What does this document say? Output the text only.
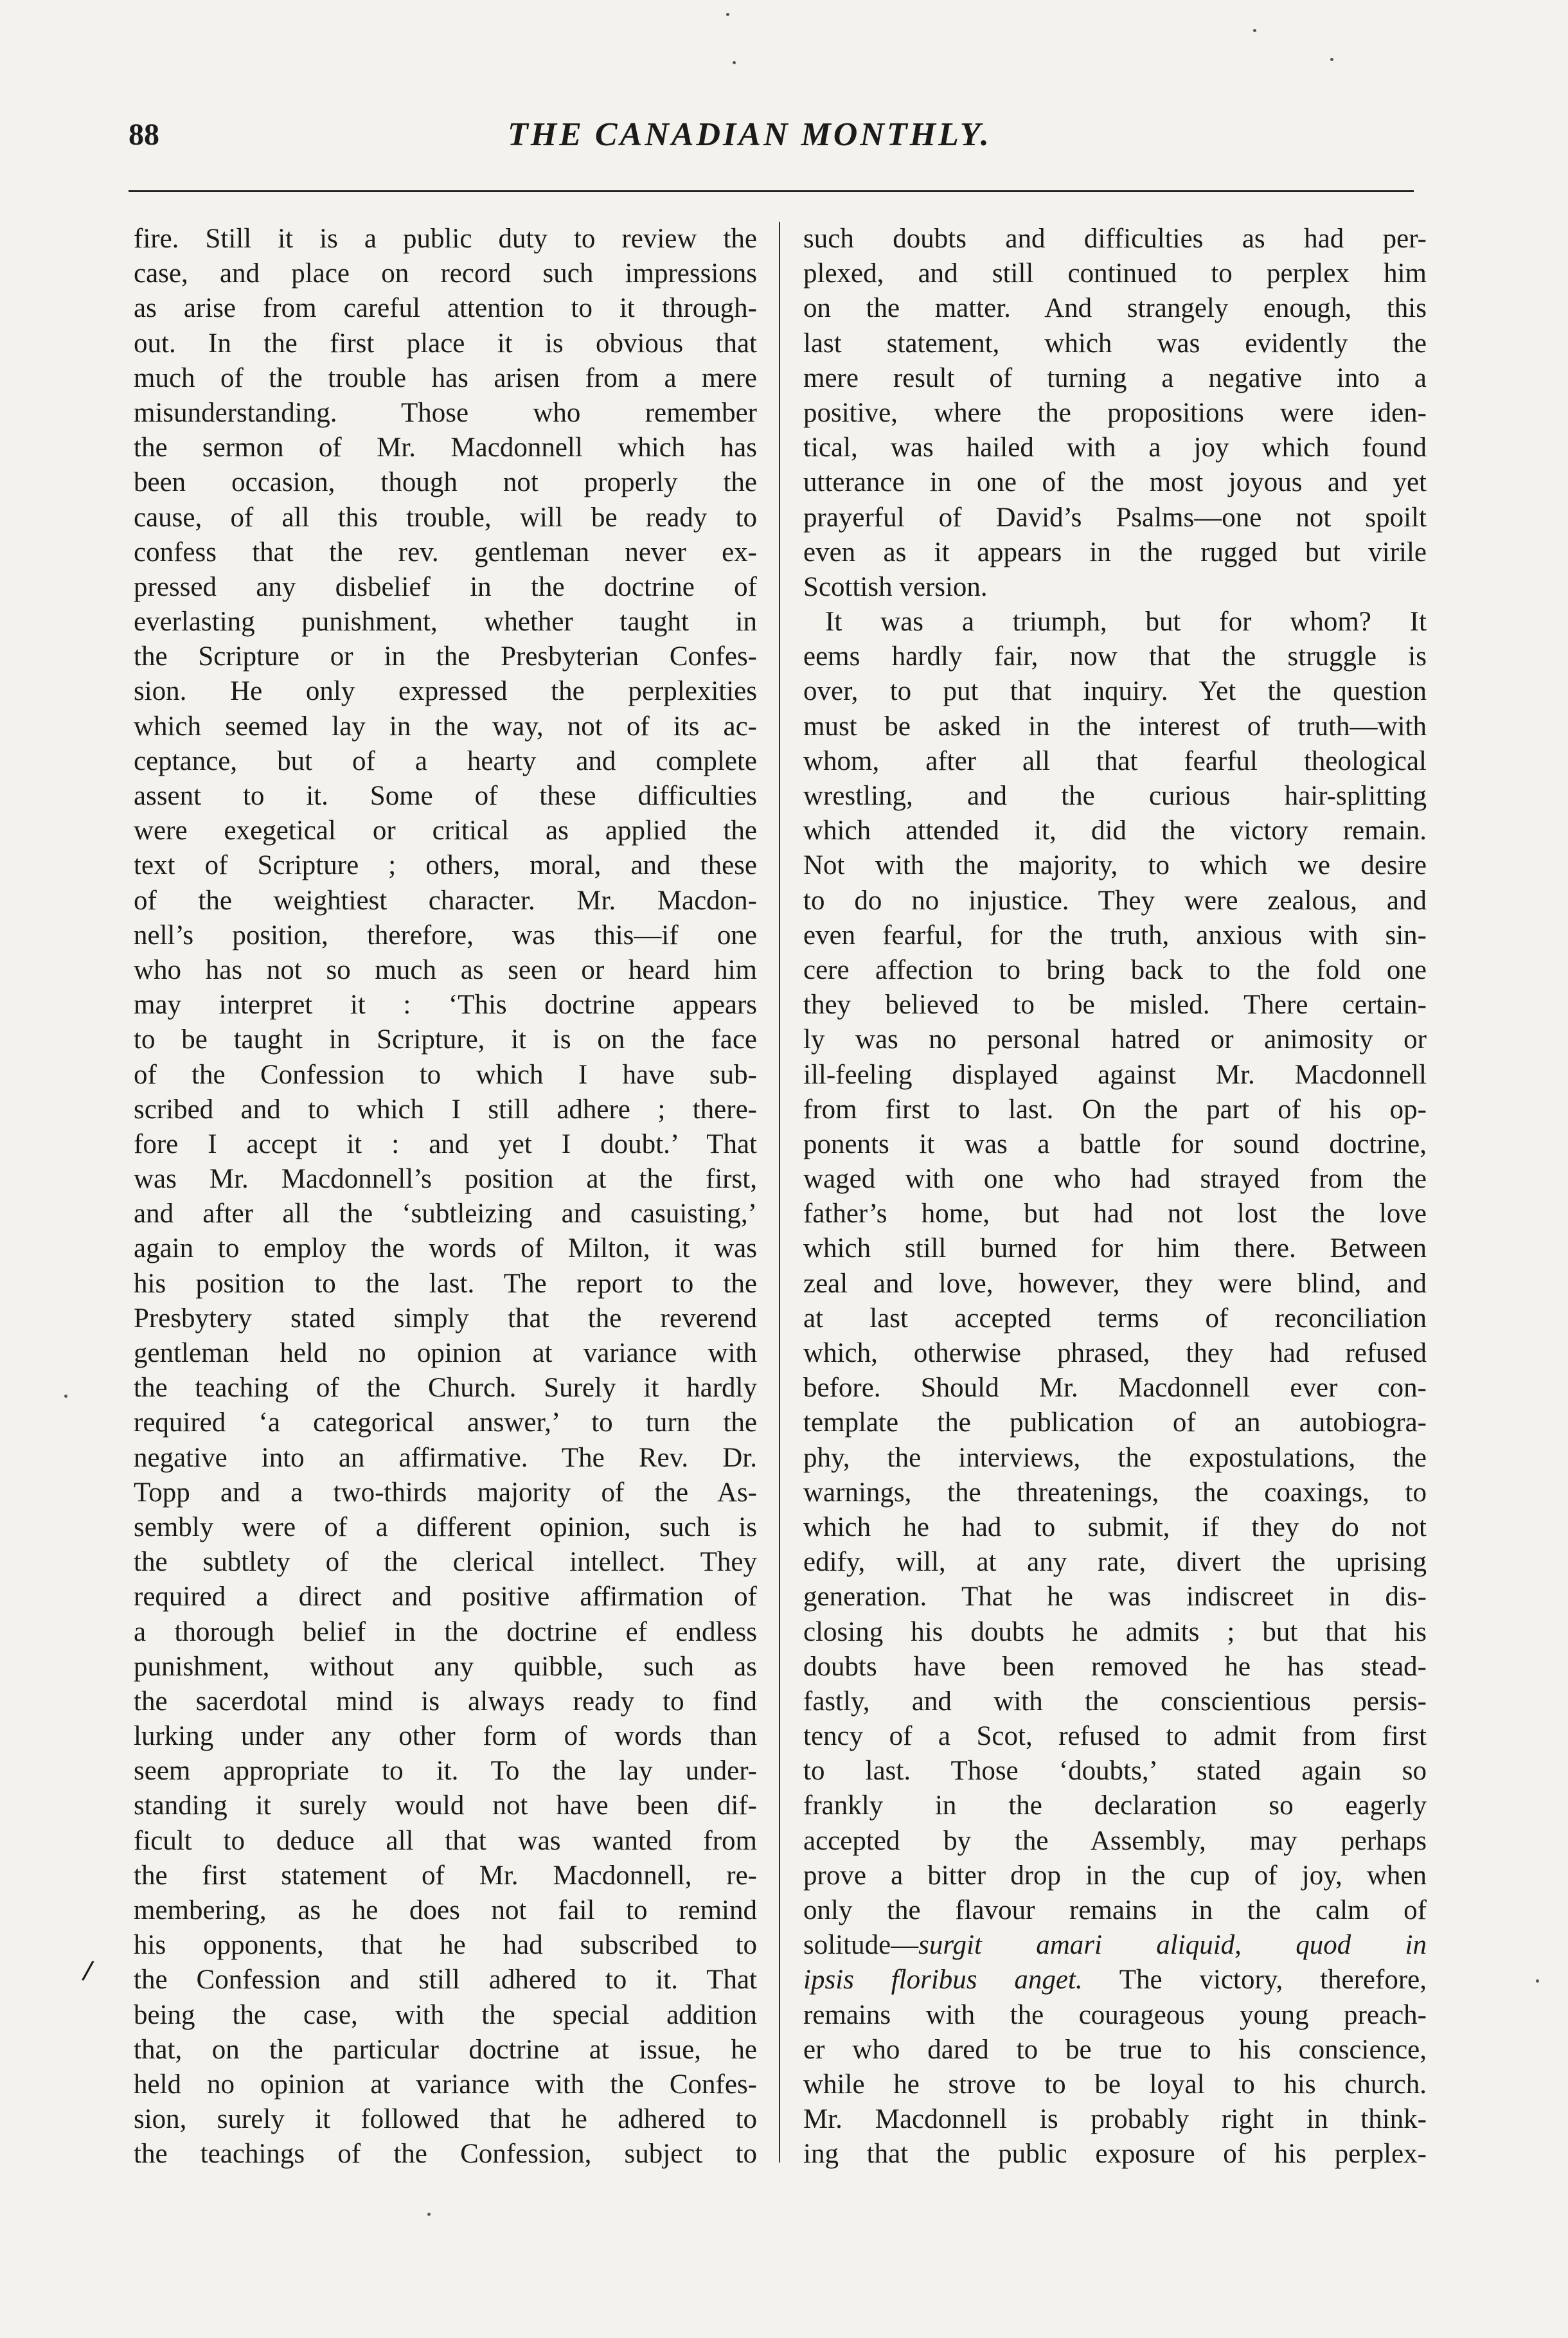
88	THE CANADIAN MONTHLY.
fire. Still it is a public duty to review the
case, and place on record such impressions
as arise from careful attention to it through-
out. In the first place it is obvious that
much of the trouble has arisen from a mere
misunderstanding. Those who remember
the sermon of Mr. Macdonnell which has
been occasion, though not properly the
cause, of all this trouble, will be ready to
confess that the rev. gentleman never ex-
pressed any disbelief in the doctrine of
everlasting punishment, whether taught in
the Scripture or in the Presbyterian Confes-
sion. He only expressed the perplexities
which seemed lay in the way, not of its ac-
ceptance, but of a hearty and complete
assent to it. Some of these difficulties
were exegetical or critical as applied the
text of Scripture ; others, moral, and these
of the weightiest character. Mr. Macdon-
nell’s position, therefore, was this—if one
who has not so much as seen or heard him
may interpret it : ‘This doctrine appears
to be taught in Scripture, it is on the face
of the Confession to which I have sub-
scribed and to which I still adhere ; there-
fore I accept it : and yet I doubt.’ That
was Mr. Macdonnell’s position at the first,
and after all the ‘subtleizing and casuisting,’
again to employ the words of Milton, it was
his position to the last. The report to the
Presbytery stated simply that the reverend
gentleman held no opinion at variance with
the teaching of the Church. Surely it hardly
required ‘a categorical answer,’ to turn the
negative into an affirmative. The Rev. Dr.
Topp and a two-thirds majority of the As-
sembly were of a different opinion, such is
the subtlety of the clerical intellect. They
required a direct and positive affirmation of
a thorough belief in the doctrine ef endless
punishment, without any quibble, such as
the sacerdotal mind is always ready to find
lurking under any other form of words than
seem appropriate to it. To the lay under-
standing it surely would not have been dif-
ficult to deduce all that was wanted from
the first statement of Mr. Macdonnell, re-
membering, as he does not fail to remind
his opponents, that he had subscribed to
the Confession and still adhered to it. That
being the case, with the special addition
that, on the particular doctrine at issue, he
held no opinion at variance with the Confes-
sion, surely it followed that he adhered to
the teachings of the Confession, subject to
such doubts and difficulties as had per-
plexed, and still continued to perplex him
on the matter. And strangely enough, this
last statement, which was evidently the
mere result of turning a negative into a
positive, where the propositions were iden-
tical, was hailed with a joy which found
utterance in one of the most joyous and yet
prayerful of David’s Psalms—one not spoilt
even as it appears in the rugged but virile
Scottish version.
It was a triumph, but for whom? It
eems hardly fair, now that the struggle is
over, to put that inquiry. Yet the question
must be asked in the interest of truth—with
whom, after all that fearful theological
wrestling, and the curious hair-splitting
which attended it, did the victory remain.
Not with the majority, to which we desire
to do no injustice. They were zealous, and
even fearful, for the truth, anxious with sin-
cere affection to bring back to the fold one
they believed to be misled. There certain-
ly was no personal hatred or animosity or
ill-feeling displayed against Mr. Macdonnell
from first to last. On the part of his op-
ponents it was a battle for sound doctrine,
waged with one who had strayed from the
father’s home, but had not lost the love
which still burned for him there. Between
zeal and love, however, they were blind, and
at last accepted terms of reconciliation
which, otherwise phrased, they had refused
before. Should Mr. Macdonnell ever con-
template the publication of an autobiogra-
phy, the interviews, the expostulations, the
warnings, the threatenings, the coaxings, to
which he had to submit, if they do not
edify, will, at any rate, divert the uprising
generation. That he was indiscreet in dis-
closing his doubts he admits ; but that his
doubts have been removed he has stead-
fastly, and with the conscientious persis-
tency of a Scot, refused to admit from first
to last. Those ‘doubts,’ stated again so
frankly in the declaration so eagerly
accepted by the Assembly, may perhaps
prove a bitter drop in the cup of joy, when
only the flavour remains in the calm of
solitude—surgit amari aliquid, quod in
ipsis floribus anget. The victory, therefore,
remains with the courageous young preach-
er who dared to be true to his conscience,
while he strove to be loyal to his church.
Mr. Macdonnell is probably right in think-
ing that the public exposure of his perplex-
/
